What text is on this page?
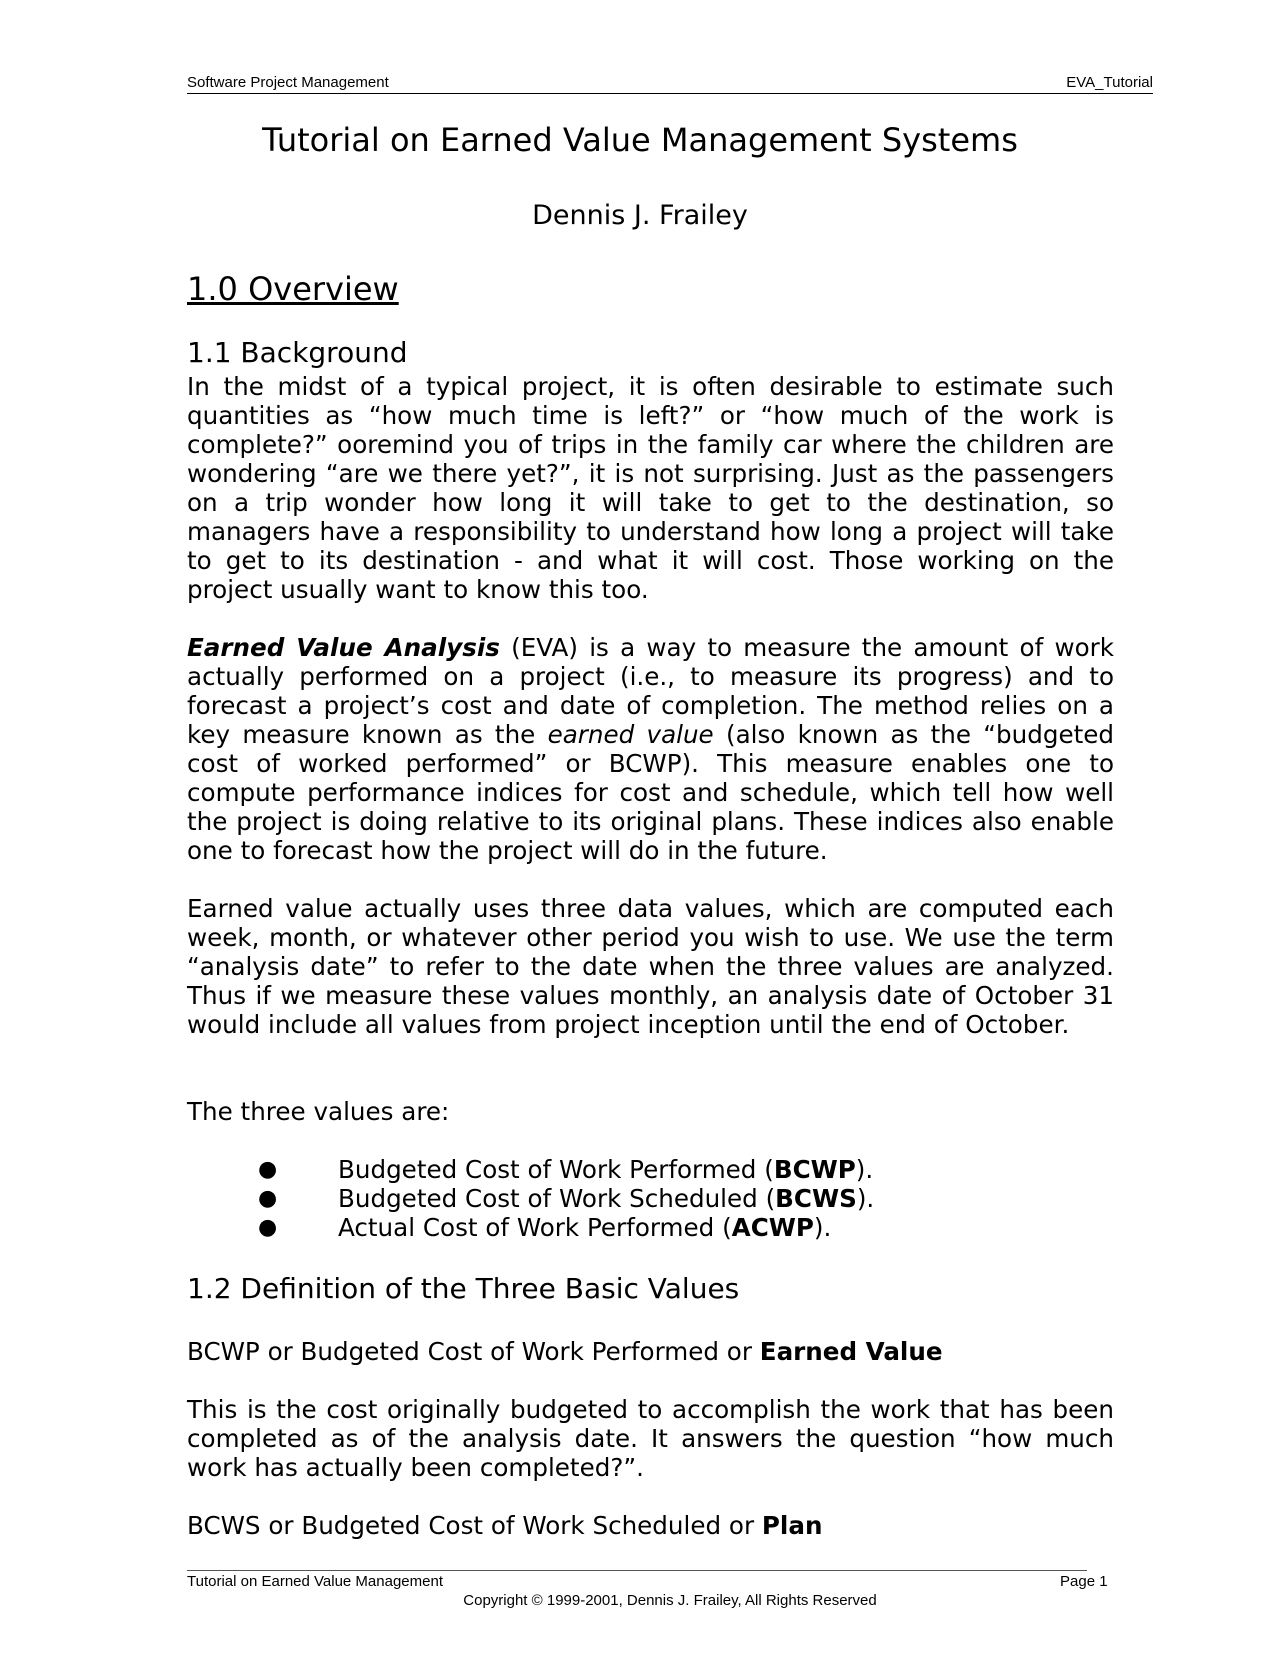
Software Project Management	EVA_Tutorial
Tutorial on Earned Value Management Systems
Dennis J. Frailey
1.0 Overview
1.1 Background
In the midst of a typical project, it is often desirable to estimate such quantities as “how much time is left?” or “how much of the work is complete?” ooremind you of trips in the family car where the children are wondering “are we there yet?”, it is not surprising. Just as the passengers on a trip wonder how long it will take to get to the destination, so managers have a responsibility to understand how long a project will take to get to its destination - and what it will cost. Those working on the project usually want to know this too.
Earned Value Analysis (EVA) is a way to measure the amount of work actually performed on a project (i.e., to measure its progress) and to forecast a project’s cost and date of completion. The method relies on a key measure known as the earned value (also known as the “budgeted cost of worked performed” or BCWP). This measure enables one to compute performance indices for cost and schedule, which tell how well the project is doing relative to its original plans. These indices also enable one to forecast how the project will do in the future.
Earned value actually uses three data values, which are computed each week, month, or whatever other period you wish to use. We use the term “analysis date” to refer to the date when the three values are analyzed. Thus if we measure these values monthly, an analysis date of October 31 would include all values from project inception until the end of October.
The three values are:
● Budgeted Cost of Work Performed (BCWP).
● Budgeted Cost of Work Scheduled (BCWS).
● Actual Cost of Work Performed (ACWP).
1.2 Definition of the Three Basic Values
BCWP or Budgeted Cost of Work Performed or Earned Value
This is the cost originally budgeted to accomplish the work that has been completed as of the analysis date. It answers the question “how much work has actually been completed?”.
BCWS or Budgeted Cost of Work Scheduled or Plan
Tutorial on Earned Value Management	Page 1
Copyright © 1999-2001, Dennis J. Frailey, All Rights Reserved
